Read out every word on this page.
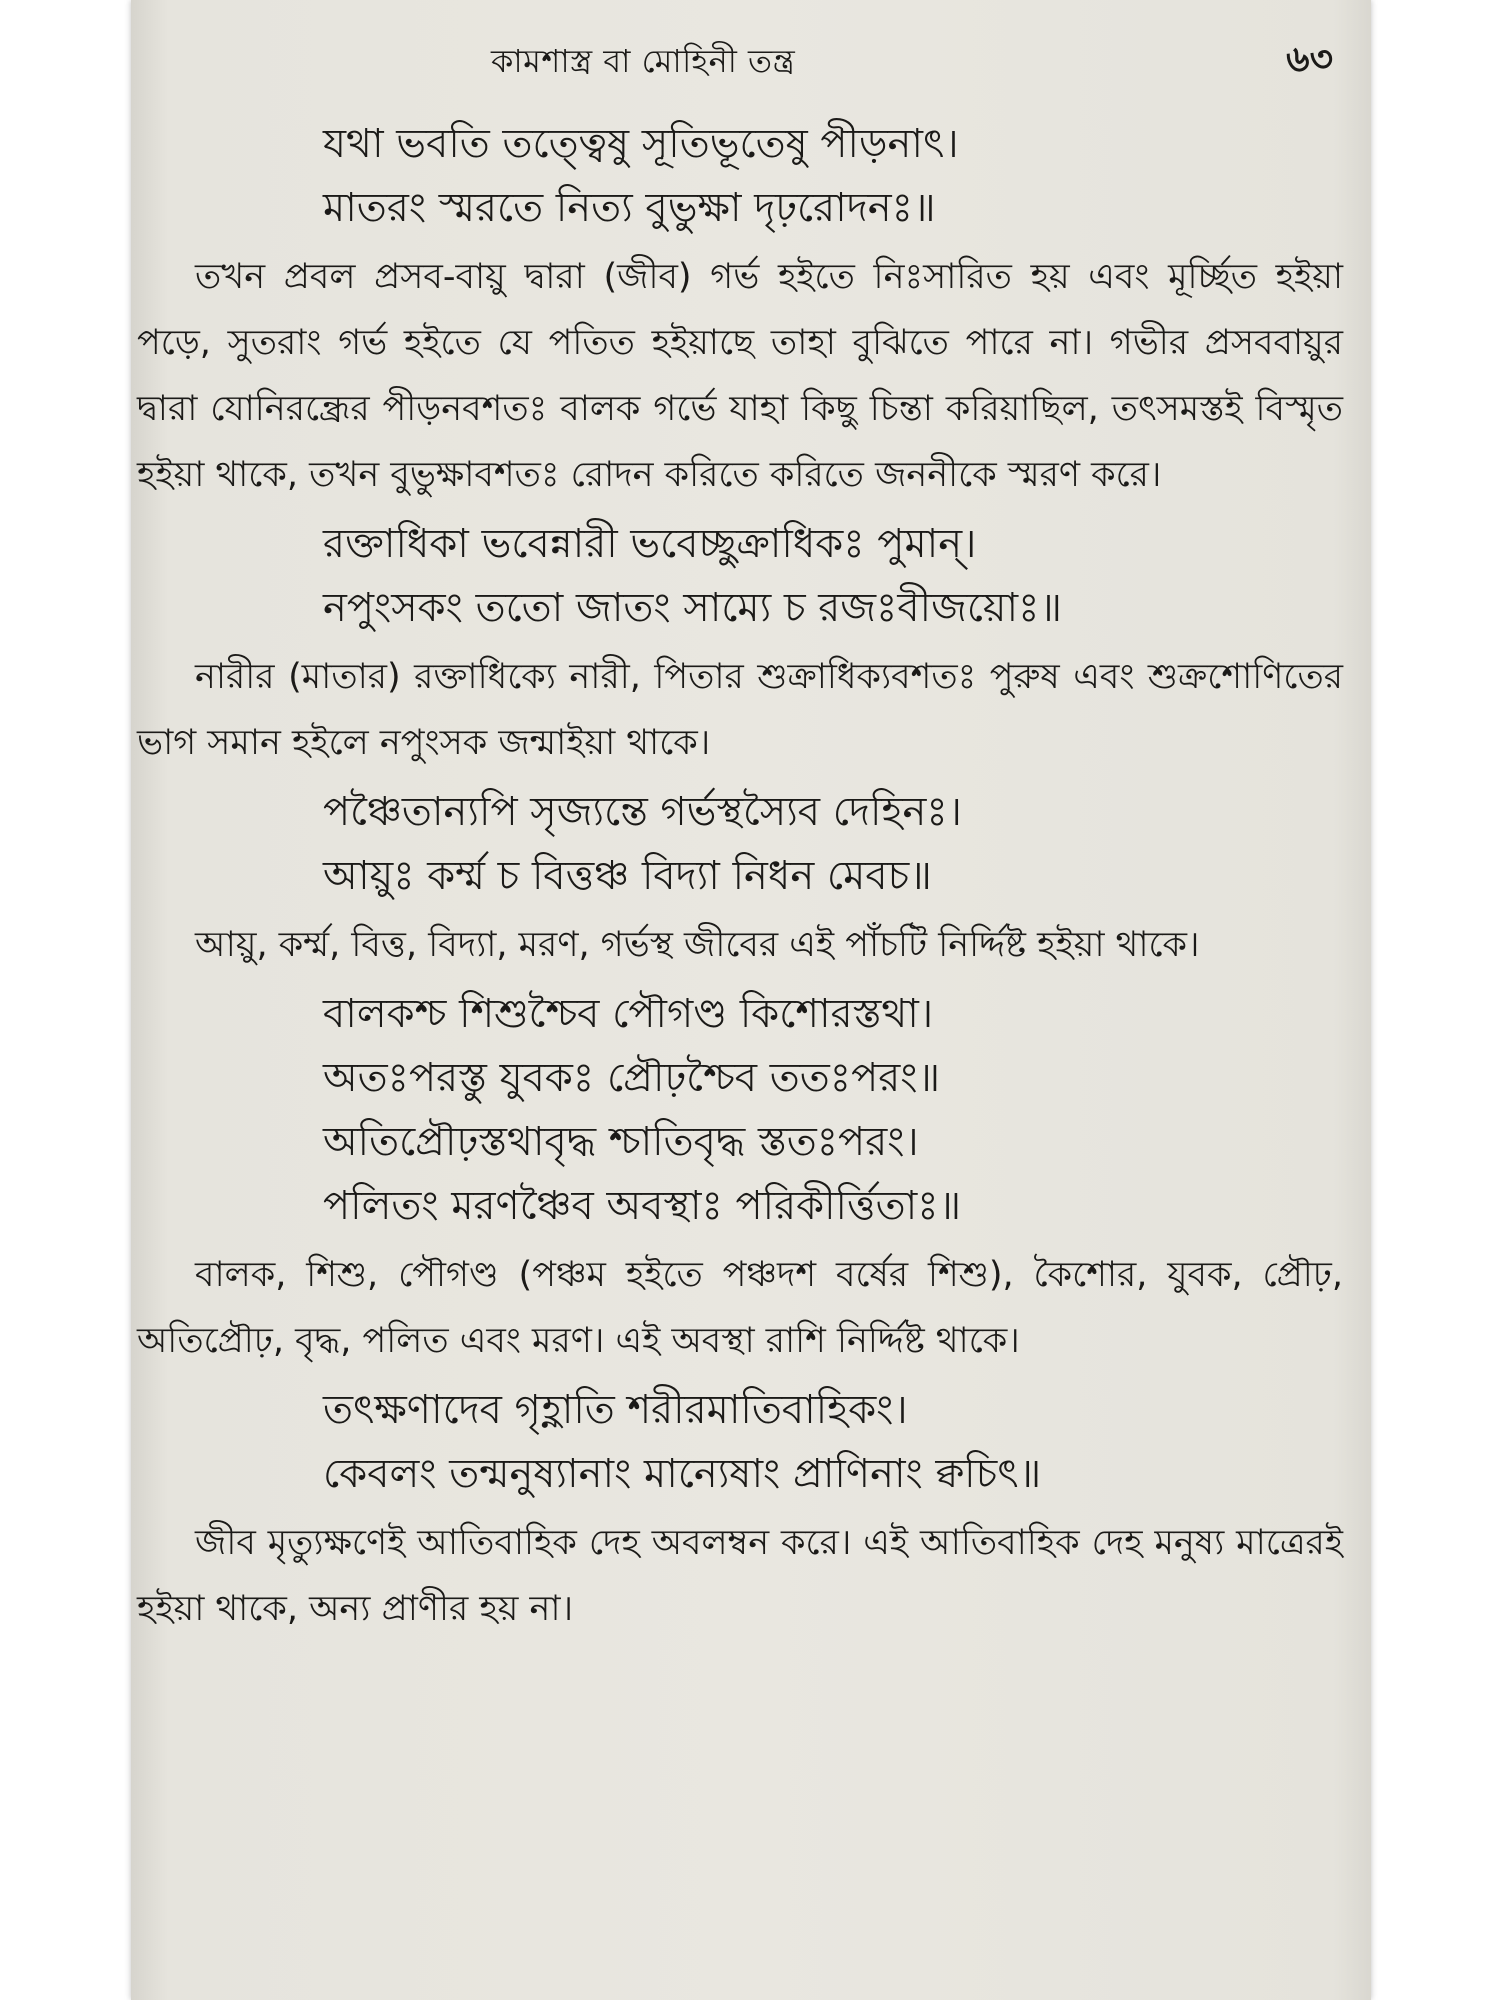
কামশাস্ত্র বা মোহিনী তন্ত্র	৬৩
যথা ভবতি তত্ত্বেষু সূতিভূতেষু পীড়নাৎ।
মাতরং স্মরতে নিত্য বুভুক্ষা দৃঢ়রোদনঃ॥

তখন প্রবল প্রসব-বায়ু দ্বারা (জীব) গর্ভ হইতে নিঃসারিত হয় এবং মূর্চ্ছিত হইয়া পড়ে, সুতরাং গর্ভ হইতে যে পতিত হইয়াছে তাহা বুঝিতে পারে না। গভীর প্রসববায়ুর দ্বারা যোনিরন্ধ্রের পীড়নবশতঃ বালক গর্ভে যাহা কিছু চিন্তা করিয়াছিল, তৎসমস্তই বিস্মৃত হইয়া থাকে, তখন বুভুক্ষাবশতঃ রোদন করিতে করিতে জননীকে স্মরণ করে।

রক্তাধিকা ভবেন্নারী ভবেচ্ছুক্রাধিকঃ পুমান্।
নপুংসকং ততো জাতং সাম্যে চ রজঃবীজয়োঃ॥

নারীর (মাতার) রক্তাধিক্যে নারী, পিতার শুক্রাধিক্যবশতঃ পুরুষ এবং শুক্রশোণিতের ভাগ সমান হইলে নপুংসক জন্মাইয়া থাকে।

পঞ্চৈতান্যপি সৃজ্যন্তে গর্ভস্থস্যৈব দেহিনঃ।
আয়ুঃ কর্ম্ম চ বিত্তঞ্চ বিদ্যা নিধন মেবচ॥

আয়ু, কর্ম্ম, বিত্ত, বিদ্যা, মরণ, গর্ভস্থ জীবের এই পাঁচটি নির্দ্দিষ্ট হইয়া থাকে।

বালকশ্চ শিশুশ্চৈব পৌগণ্ড কিশোরস্তথা।
অতঃপরস্তু যুবকঃ প্রৌঢ়শ্চৈব ততঃপরং॥
অতিপ্রৌঢ়স্তথাবৃদ্ধ শ্চাতিবৃদ্ধ স্ততঃপরং।
পলিতং মরণঞ্চৈব অবস্থাঃ পরিকীর্ত্তিতাঃ॥

বালক, শিশু, পৌগণ্ড (পঞ্চম হইতে পঞ্চদশ বর্ষের শিশু), কৈশোর, যুবক, প্রৌঢ়, অতিপ্রৌঢ়, বৃদ্ধ, পলিত এবং মরণ। এই অবস্থা রাশি নির্দ্দিষ্ট থাকে।

তৎক্ষণাদেব গৃহ্ণাতি শরীরমাতিবাহিকং।
কেবলং তন্মনুষ্যানাং মান্যেষাং প্রাণিনাং ক্বচিৎ॥

জীব মৃত্যুক্ষণেই আতিবাহিক দেহ অবলম্বন করে। এই আতিবাহিক দেহ মনুষ্য মাত্রেরই হইয়া থাকে, অন্য প্রাণীর হয় না।
